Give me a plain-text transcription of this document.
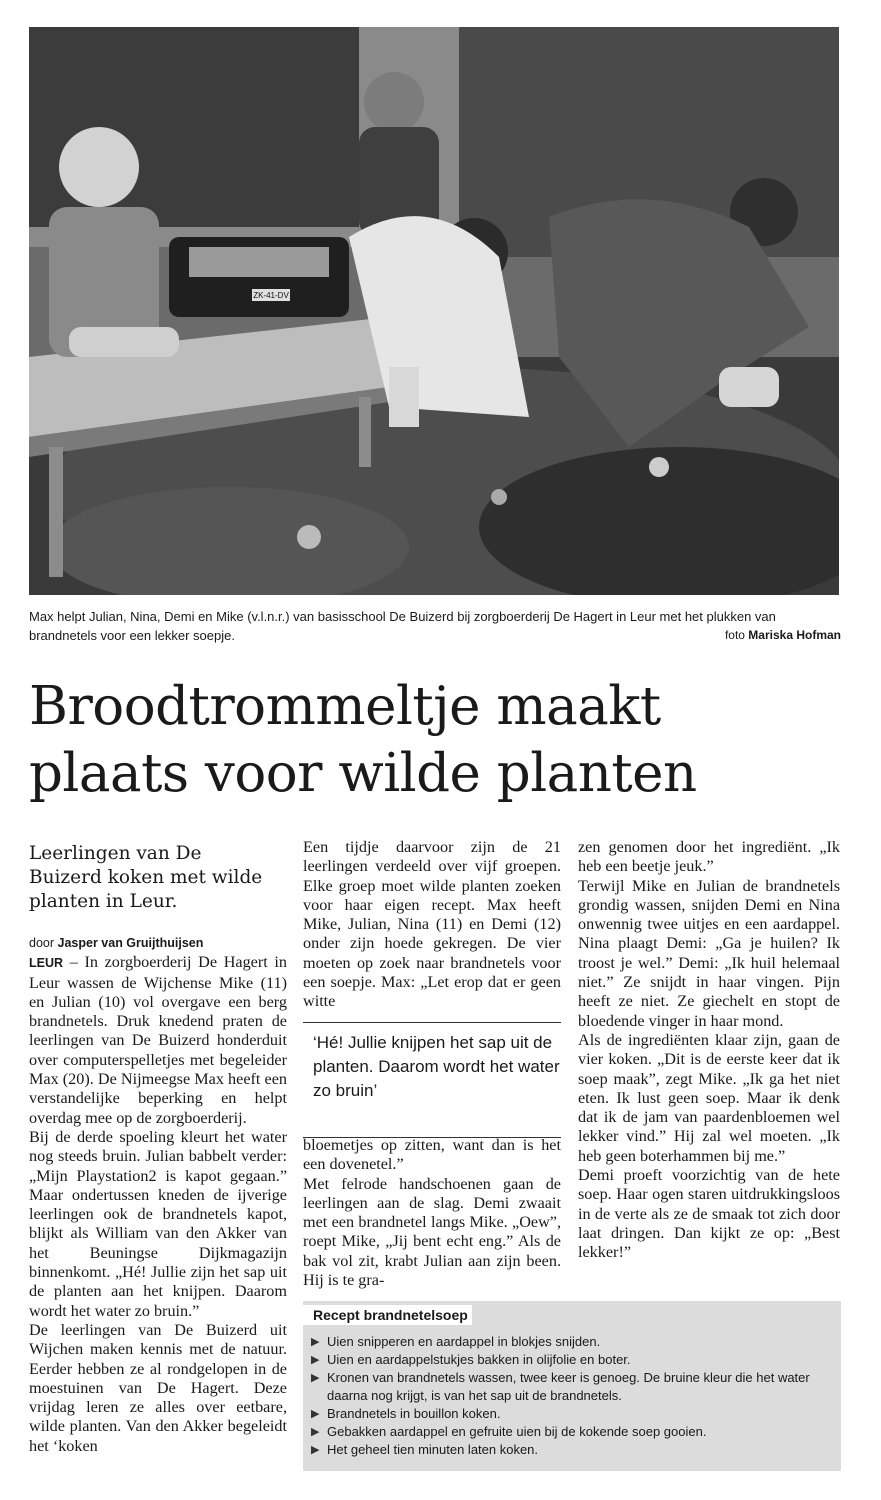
ZK-41-DV
Max helpt Julian, Nina, Demi en Mike (v.l.n.r.) van basisschool De Buizerd bij zorgboerderij De Hagert in Leur met het plukken van brandnetels voor een lekker soepje.	foto Mariska Hofman
Broodtrommeltje maakt
plaats voor wilde planten
Leerlingen van De Buizerd koken met wilde planten in Leur.

door Jasper van Gruijthuijsen

LEUR – In zorgboerderij De Hagert in Leur wassen de Wijchense Mike (11) en Julian (10) vol overgave een berg brandnetels. Druk knedend praten de leerlingen van De Buizerd honderduit over computerspelletjes met begeleider Max (20). De Nijmeegse Max heeft een verstandelijke beperking en helpt overdag mee op de zorgboerderij.

Bij de derde spoeling kleurt het water nog steeds bruin. Julian babbelt verder: „Mijn Playstation2 is kapot gegaan.” Maar ondertussen kneden de ijverige leerlingen ook de brandnetels kapot, blijkt als William van den Akker van het Beuningse Dijkmagazijn binnenkomt. „Hé! Jullie zijn het sap uit de planten aan het knijpen. Daarom wordt het water zo bruin.”

De leerlingen van De Buizerd uit Wijchen maken kennis met de natuur. Eerder hebben ze al rondgelopen in de moestuinen van De Hagert. Deze vrijdag leren ze alles over eetbare, wilde planten. Van den Akker begeleidt het ‘koken

Een tijdje daarvoor zijn de 21 leerlingen verdeeld over vijf groepen. Elke groep moet wilde planten zoeken voor haar eigen recept. Max heeft Mike, Julian, Nina (11) en Demi (12) onder zijn hoede gekregen. De vier moeten op zoek naar brandnetels voor een soepje. Max: „Let erop dat er geen witte

‘Hé! Jullie knijpen het sap uit de planten. Daarom wordt het water zo bruin’

bloemetjes op zitten, want dan is het een dovenetel.”

Met felrode handschoenen gaan de leerlingen aan de slag. Demi zwaait met een brandnetel langs Mike. „Oew”, roept Mike, „Jij bent echt eng.” Als de bak vol zit, krabt Julian aan zijn been. Hij is te gra-

zen genomen door het ingrediënt. „Ik heb een beetje jeuk.”

Terwijl Mike en Julian de brandnetels grondig wassen, snijden Demi en Nina onwennig twee uitjes en een aardappel. Nina plaagt Demi: „Ga je huilen? Ik troost je wel.” Demi: „Ik huil helemaal niet.” Ze snijdt in haar vingen. Pijn heeft ze niet. Ze giechelt en stopt de bloedende vinger in haar mond.

Als de ingrediënten klaar zijn, gaan de vier koken. „Dit is de eerste keer dat ik soep maak”, zegt Mike. „Ik ga het niet eten. Ik lust geen soep. Maar ik denk dat ik de jam van paardenbloemen wel lekker vind.” Hij zal wel moeten. „Ik heb geen boterhammen bij me.”

Demi proeft voorzichtig van de hete soep. Haar ogen staren uitdrukkingsloos in de verte als ze de smaak tot zich door laat dringen. Dan kijkt ze op: „Best lekker!”

Recept brandnetelsoep
▶ Uien snipperen en aardappel in blokjes snijden.
▶ Uien en aardappelstukjes bakken in olijfolie en boter.
▶ Kronen van brandnetels wassen, twee keer is genoeg. De bruine kleur die het water daarna nog krijgt, is van het sap uit de brandnetels.
▶ Brandnetels in bouillon koken.
▶ Gebakken aardappel en gefruite uien bij de kokende soep gooien.
▶ Het geheel tien minuten laten koken.
